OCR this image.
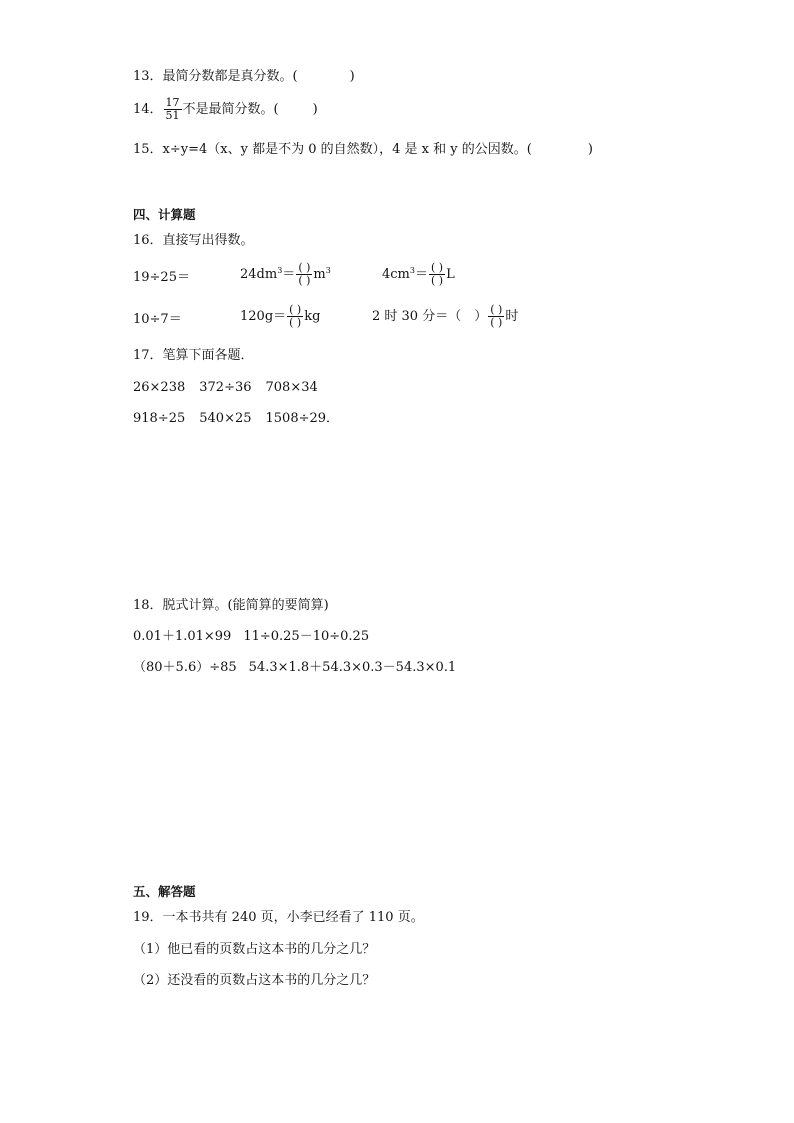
13．最简分数都是真分数。(	)
14． $\frac{17}{51}$ 不是最简分数。(	)
15．x÷y=4（x、y 都是不为 0 的自然数），4 是 x 和 y 的公因数。(	)
四、计算题
16．直接写出得数。
19÷25＝	$24dm^3= \frac{( )}{( )} m^3$	$4cm^3= \frac{( )}{( )}$ L
10÷7＝	$120g= \frac{( )}{( )}$ kg	2 时 30 分＝（　） $\frac{( )}{( )}$ 时
17．笔算下面各题．
26×238 372÷36 708×34
918÷25 540×25 1508÷29．
18．脱式计算。(能简算的要简算)
0.01＋1.01×99 11÷0.25－10÷0.25
（80＋5.6）÷85 54.3×1.8＋54.3×0.3－54.3×0.1
五、解答题
19．一本书共有 240 页，小李已经看了 110 页。
（1）他已看的页数占这本书的几分之几？
（2）还没看的页数占这本书的几分之几？
